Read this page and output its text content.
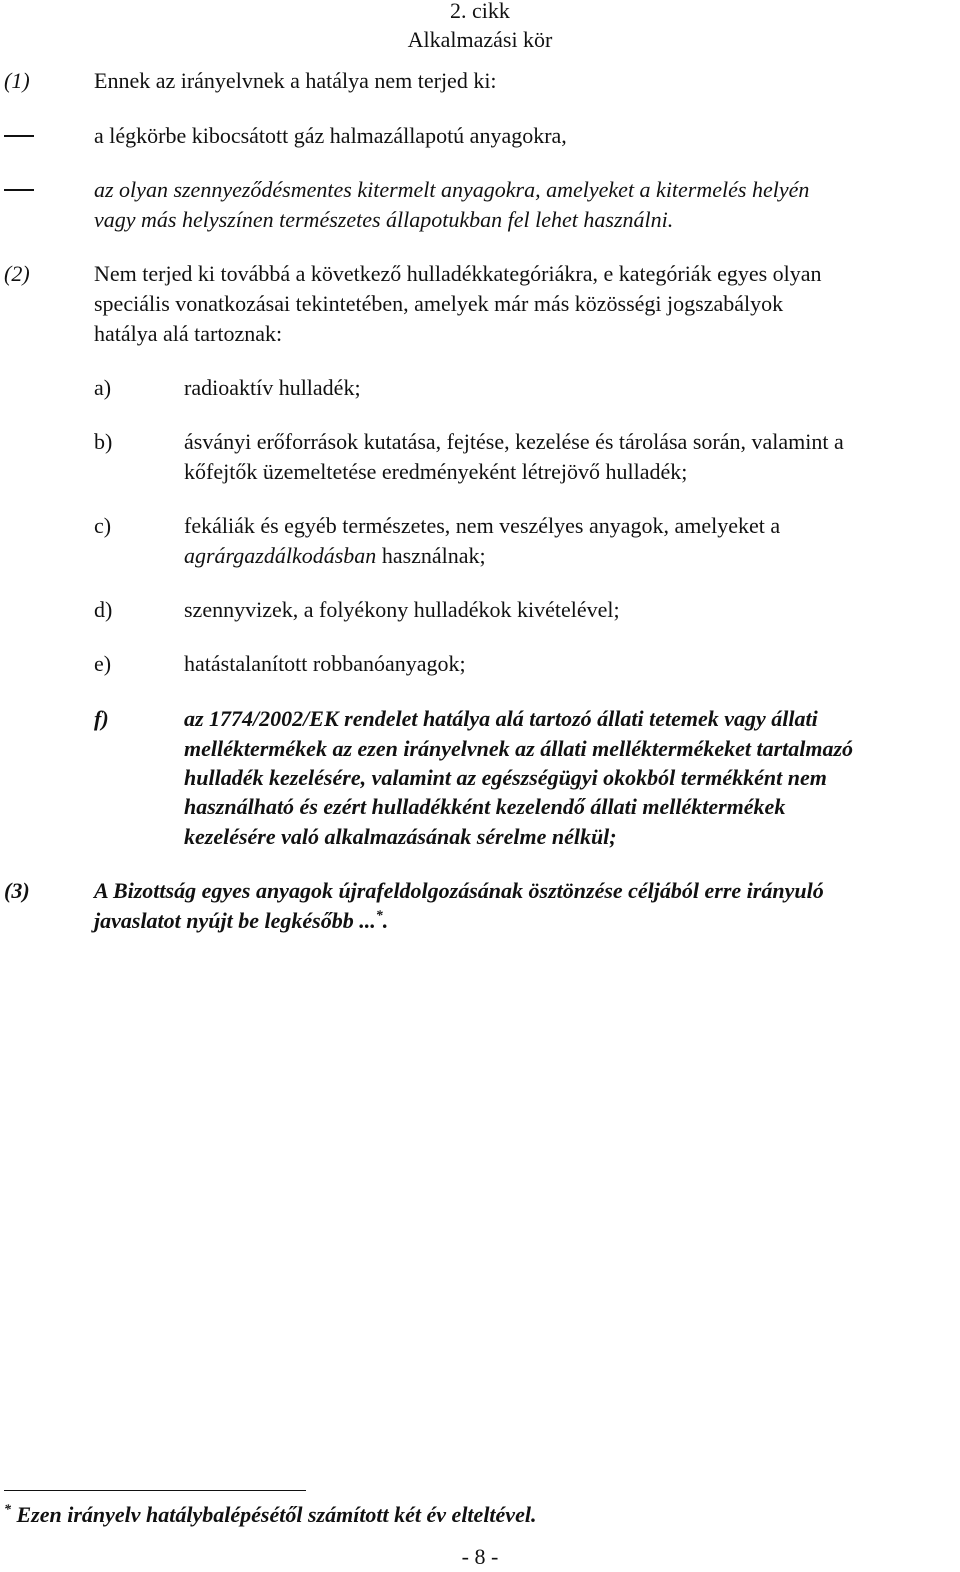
2. cikk
Alkalmazási kör
(1)	Ennek az irányelvnek a hatálya nem terjed ki:
a légkörbe kibocsátott gáz halmazállapotú anyagokra,
az olyan szennyeződésmentes kitermelt anyagokra, amelyeket a kitermelés helyén
vagy más helyszínen természetes állapotukban fel lehet használni.
(2)	Nem terjed ki továbbá a következő hulladékkategóriákra, e kategóriák egyes olyan
speciális vonatkozásai tekintetében, amelyek már más közösségi jogszabályok
hatálya alá tartoznak:
a)	radioaktív hulladék;
b)	ásványi erőforrások kutatása, fejtése, kezelése és tárolása során, valamint a
kőfejtők üzemeltetése eredményeként létrejövő hulladék;
c)	fekáliák és egyéb természetes, nem veszélyes anyagok, amelyeket a
agrárgazdálkodásban használnak;
d)	szennyvizek, a folyékony hulladékok kivételével;
e)	hatástalanított robbanóanyagok;
f)	az 1774/2002/EK rendelet hatálya alá tartozó állati tetemek vagy állati
melléktermékek az ezen irányelvnek az állati melléktermékeket tartalmazó
hulladék kezelésére, valamint az egészségügyi okokból termékként nem
használható és ezért hulladékként kezelendő állati melléktermékek
kezelésére való alkalmazásának sérelme nélkül;
(3)	A Bizottság egyes anyagok újrafeldolgozásának ösztönzése céljából erre irányuló
javaslatot nyújt be legkésőbb ...*.
* Ezen irányelv hatálybalépésétől számított két év elteltével.
- 8 -
